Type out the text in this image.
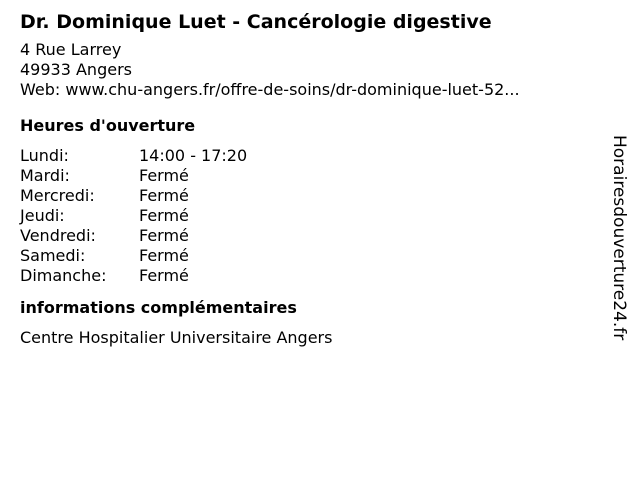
Dr. Dominique Luet - Cancérologie digestive
4 Rue Larrey
49933 Angers
Web: www.chu-angers.fr/offre-de-soins/dr-dominique-luet-52...
Heures d'ouverture
Lundi:	14:00 - 17:20
Mardi:	Fermé
Mercredi:	Fermé
Jeudi:	Fermé
Vendredi:	Fermé
Samedi:	Fermé
Dimanche:	Fermé
informations complémentaires
Centre Hospitalier Universitaire Angers	Horairesdouverture24.fr
